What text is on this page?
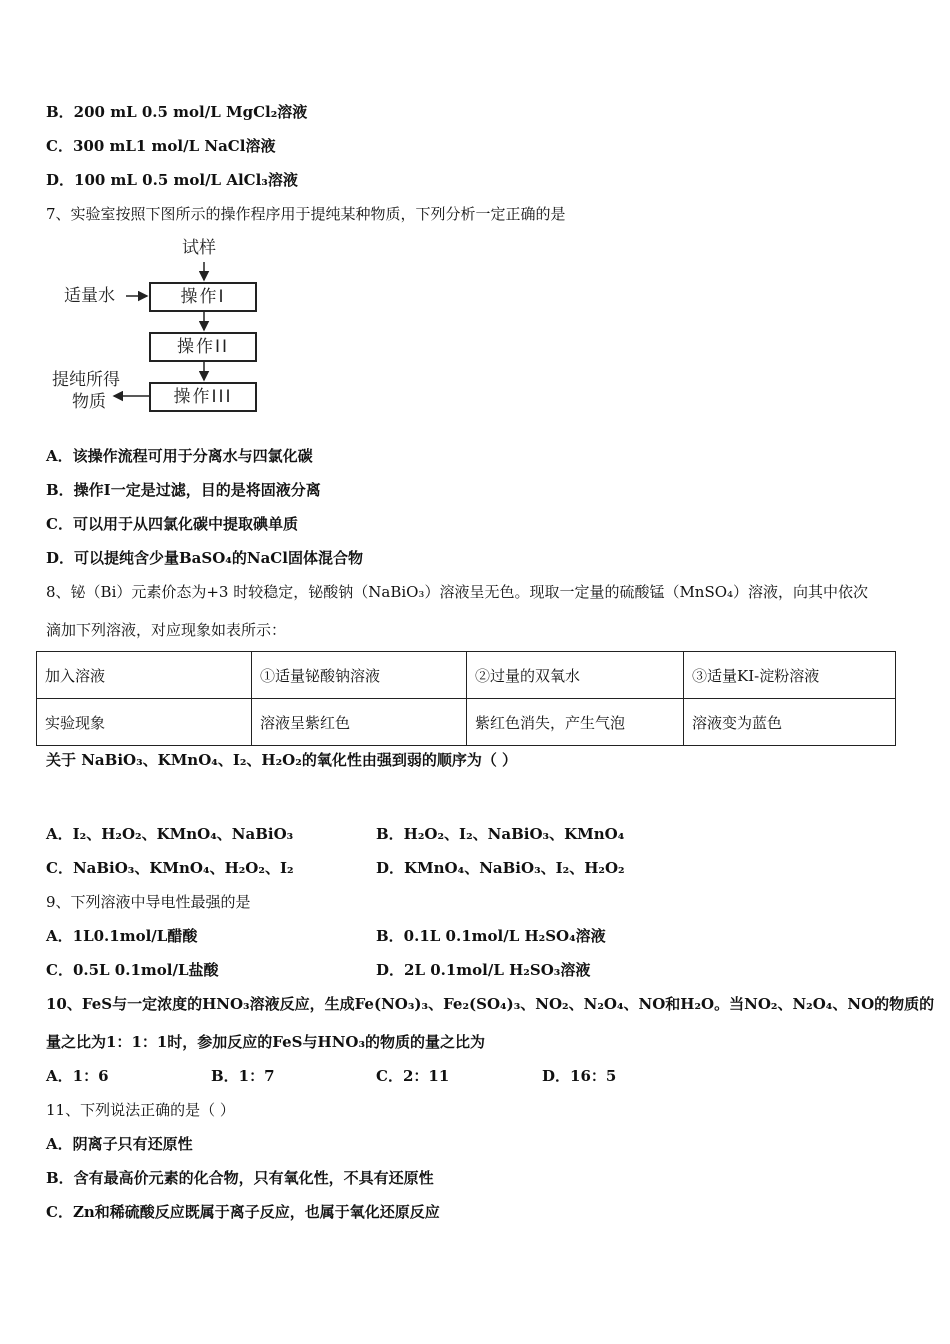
B．200 mL 0.5 mol/L MgCl₂溶液
C．300 mL1 mol/L NaCl溶液
D．100 mL 0.5 mol/L AlCl₃溶液
7、实验室按照下图所示的操作程序用于提纯某种物质，下列分析一定正确的是
试样
适量水	操作I
操作II
操作III
提纯所得
物质
A．该操作流程可用于分离水与四氯化碳
B．操作I一定是过滤，目的是将固液分离
C．可以用于从四氯化碳中提取碘单质
D．可以提纯含少量BaSO₄的NaCl固体混合物
8、铋（Bi）元素价态为+3 时较稳定，铋酸钠（NaBiO₃）溶液呈无色。现取一定量的硫酸锰（MnSO₄）溶液，向其中依次
滴加下列溶液，对应现象如表所示：
加入溶液	①适量铋酸钠溶液	②过量的双氧水	③适量KI-淀粉溶液
实验现象	溶液呈紫红色	紫红色消失，产生气泡	溶液变为蓝色
关于 NaBiO₃、KMnO₄、I₂、H₂O₂的氧化性由强到弱的顺序为（ ）
A．I₂、H₂O₂、KMnO₄、NaBiO₃	B．H₂O₂、I₂、NaBiO₃、KMnO₄
C．NaBiO₃、KMnO₄、H₂O₂、I₂	D．KMnO₄、NaBiO₃、I₂、H₂O₂
9、下列溶液中导电性最强的是
A．1L0.1mol/L醋酸	B．0.1L 0.1mol/L H₂SO₄溶液
C．0.5L 0.1mol/L盐酸	D．2L 0.1mol/L H₂SO₃溶液
10、FeS与一定浓度的HNO₃溶液反应，生成Fe(NO₃)₃、Fe₂(SO₄)₃、NO₂、N₂O₄、NO和H₂O。当NO₂、N₂O₄、NO的物质的
量之比为1：1：1时，参加反应的FeS与HNO₃的物质的量之比为
A．1：6	B．1：7	C．2：11	D．16：5
11、下列说法正确的是（ ）
A．阴离子只有还原性
B．含有最高价元素的化合物，只有氧化性，不具有还原性
C．Zn和稀硫酸反应既属于离子反应，也属于氧化还原反应
